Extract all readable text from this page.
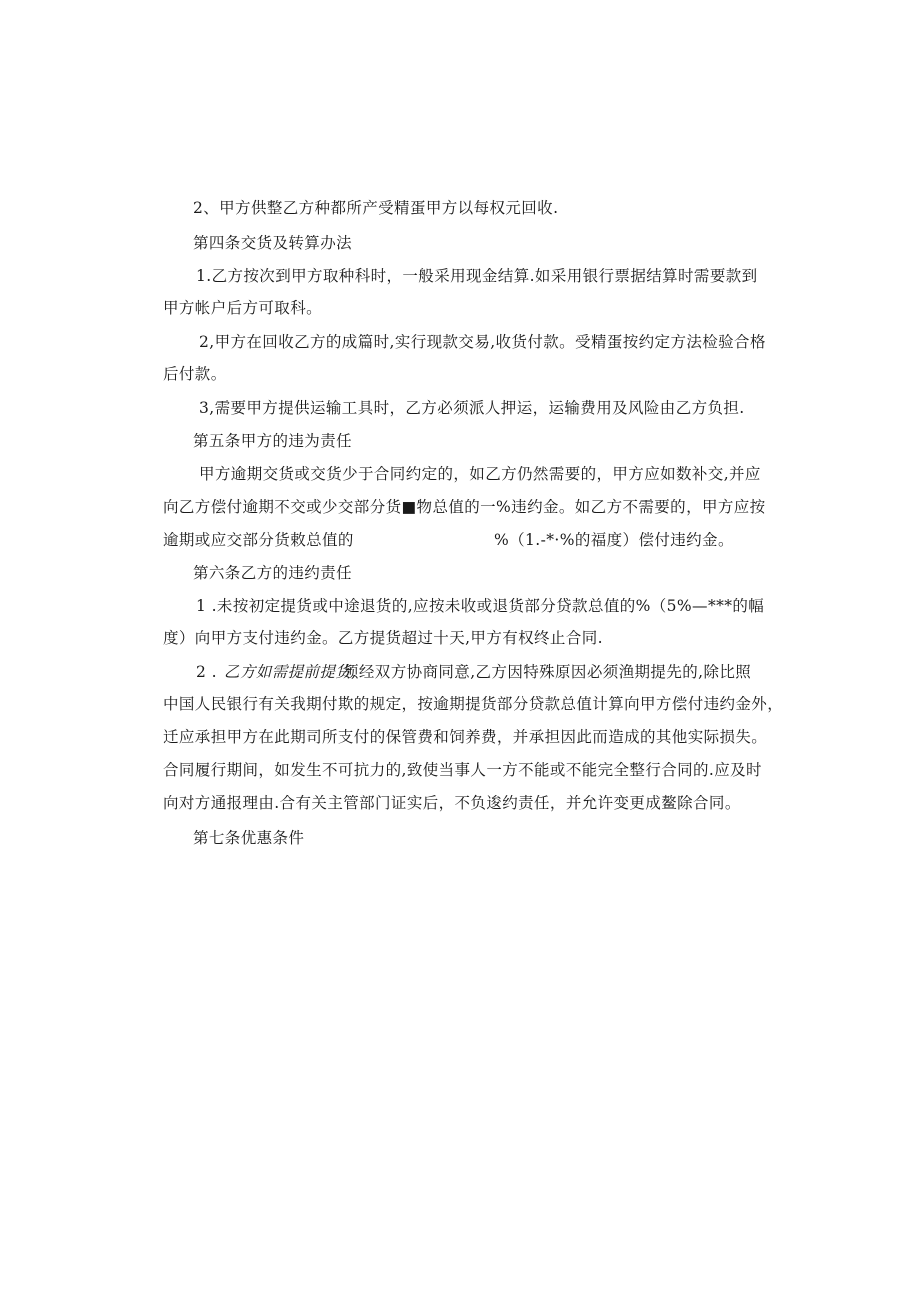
2、甲方供整乙方种都所产受精蛋甲方以每权元回收.
第四条交货及转算办法
1.乙方按次到甲方取种科时，一般采用现金结算.如采用银行票据结算时需要款到
甲方帐户后方可取科。
2,甲方在回收乙方的成篇时,实行现款交易,收货付款。受精蛋按约定方法检验合格
后付款。
3,需要甲方提供运输工具时，乙方必须派人押运，运输费用及风险由乙方负担.
第五条甲方的违为责任
甲方逾期交货或交货少于合同约定的，如乙方仍然需要的，甲方应如数补交,并应
向乙方偿付逾期不交或少交部分货■物总值的一%违约金。如乙方不需要的，甲方应按
逾期或应交部分货敕总值的	%（1.-*·%的福度）偿付违约金。
第六条乙方的违约责任
1 .未按初定提货或中途退货的,应按未收或退货部分贷款总值的%（5%—***的幅
度）向甲方支付违约金。乙方提货超过十天,甲方有权终止合同.
2 . 乙方如需提前提货,
须经双方协商同意,乙方因特殊原因必须渔期提先的,除比照
中国人民银行有关我期付欺的规定，按逾期提货部分贷款总值计算向甲方偿付违约金外，
迁应承担甲方在此期司所支付的保管费和饲养费，并承担因此而造成的其他实际损失。
合同履行期间，如发生不可抗力的,致使当事人一方不能或不能完全整行合同的.应及时
向对方通报理由.合有关主管部门证实后，不负逡约责任，并允许变更成鳌除合同。
第七条优惠条件
